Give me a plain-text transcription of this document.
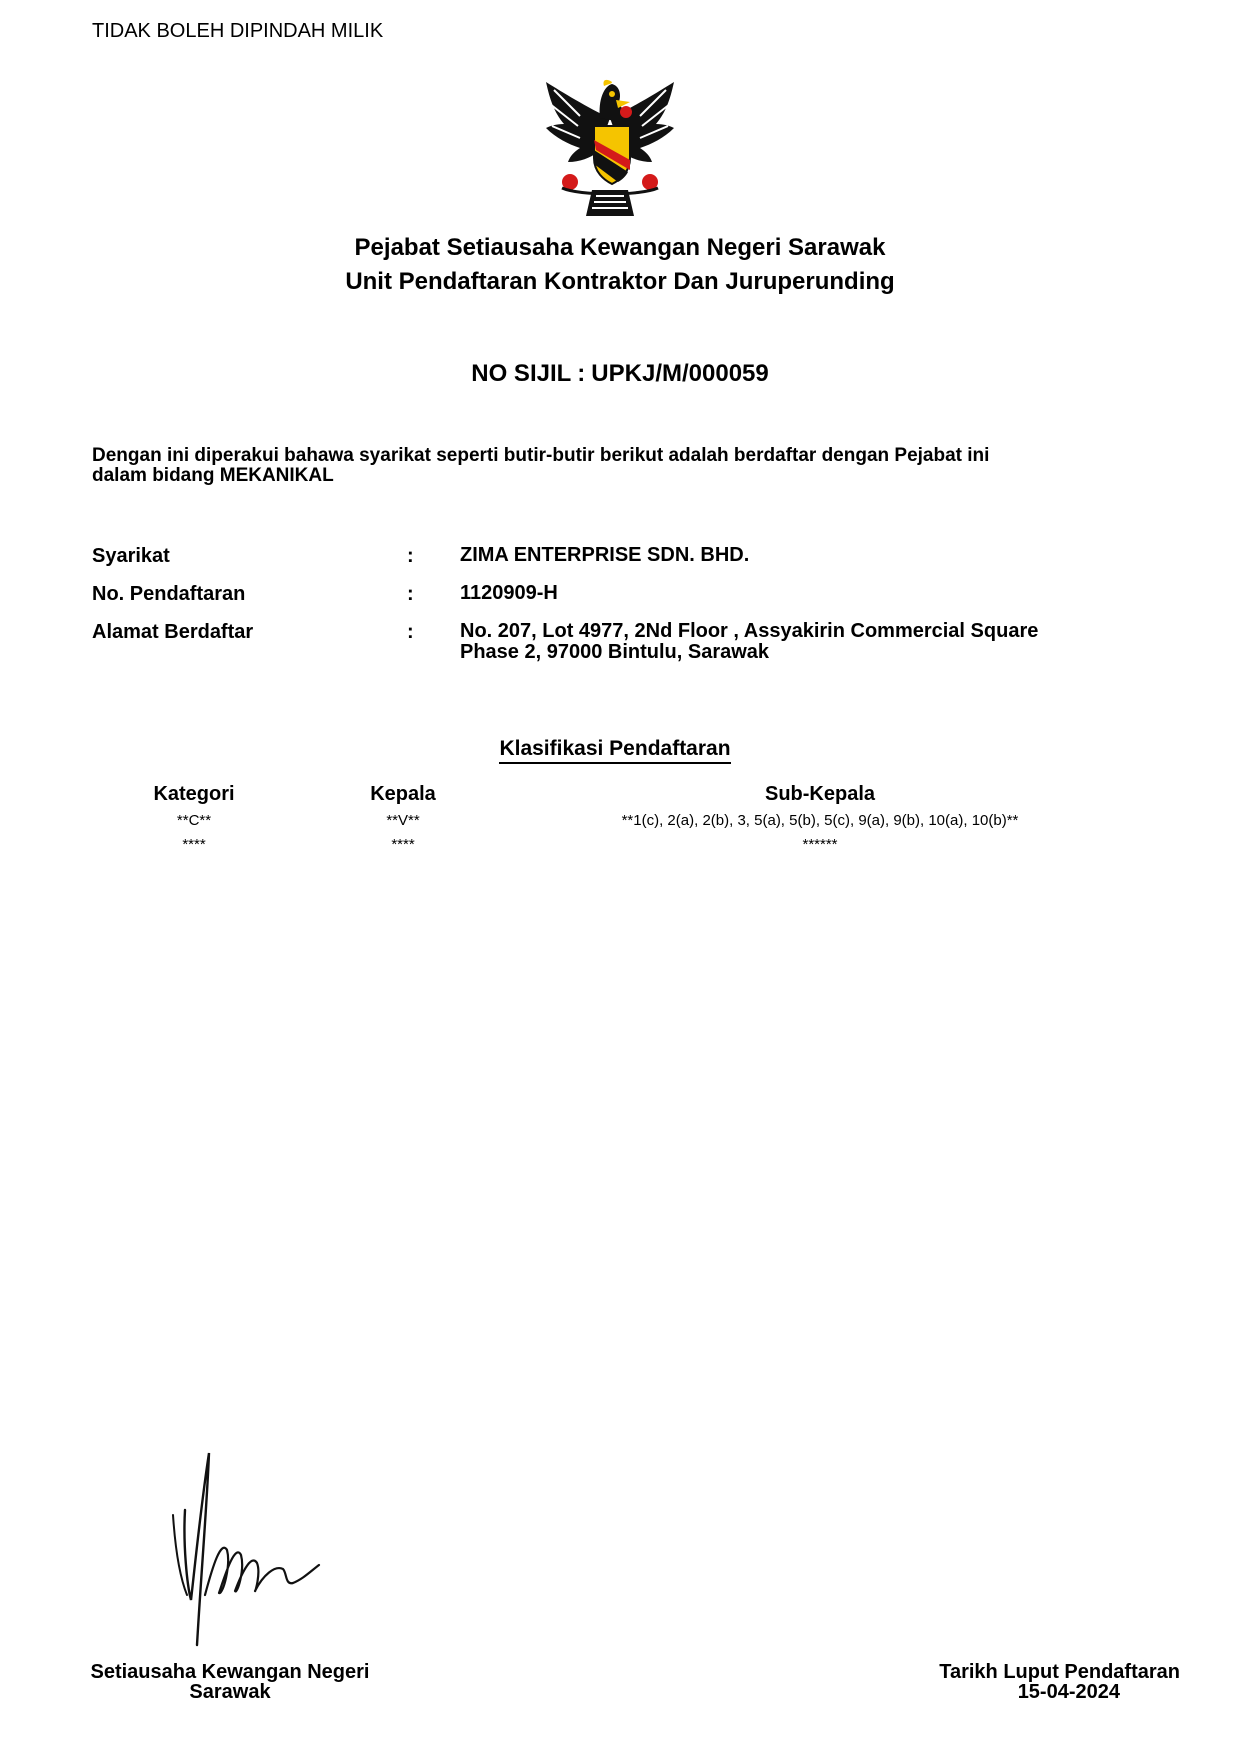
TIDAK BOLEH DIPINDAH MILIK
Pejabat Setiausaha Kewangan Negeri Sarawak
Unit Pendaftaran Kontraktor Dan Juruperunding
NO SIJIL : UPKJ/M/000059
Dengan ini diperakui bahawa syarikat seperti butir-butir berikut adalah berdaftar dengan Pejabat ini
dalam bidang MEKANIKAL
Syarikat	: ZIMA ENTERPRISE SDN. BHD.
No. Pendaftaran	: 1120909-H
Alamat Berdaftar	: No. 207, Lot 4977, 2Nd Floor , Assyakirin Commercial Square
Phase 2, 97000 Bintulu, Sarawak
Klasifikasi Pendaftaran
Kategori	Kepala	Sub-Kepala
**C**	**V**	**1(c), 2(a), 2(b), 3, 5(a), 5(b), 5(c), 9(a), 9(b), 10(a), 10(b)**
****	****	******
Setiausaha Kewangan Negeri
Sarawak
Tarikh Luput Pendaftaran
15-04-2024
